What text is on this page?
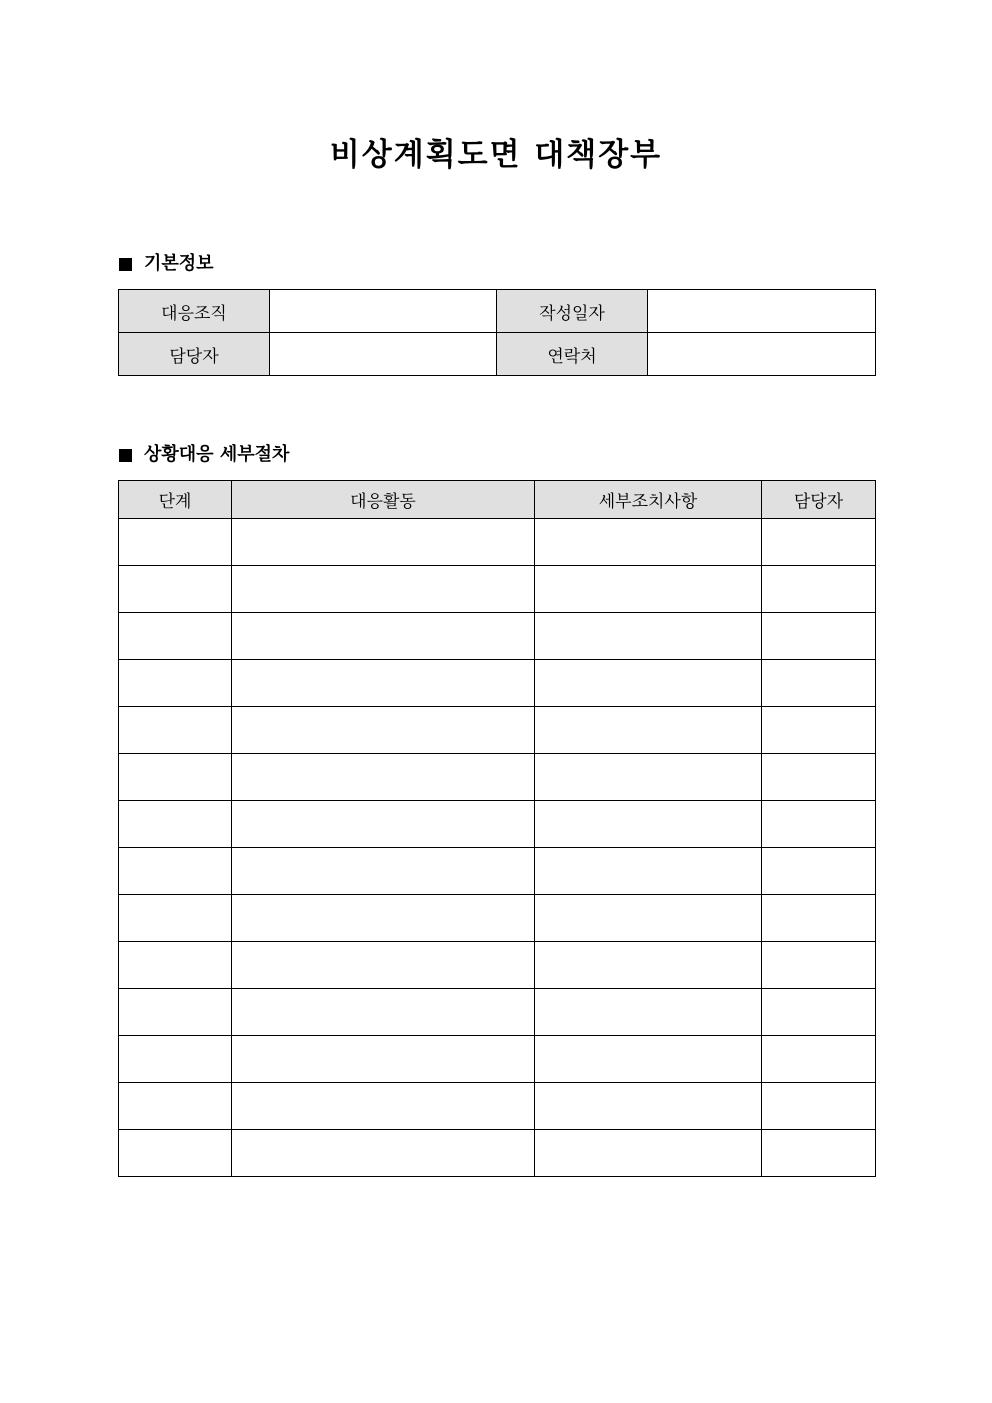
비상계획도면 대책장부
기본정보
대응조직		작성일자	
담당자		연락처	
상황대응 세부절차
단계	대응활동	세부조치사항	담당자
